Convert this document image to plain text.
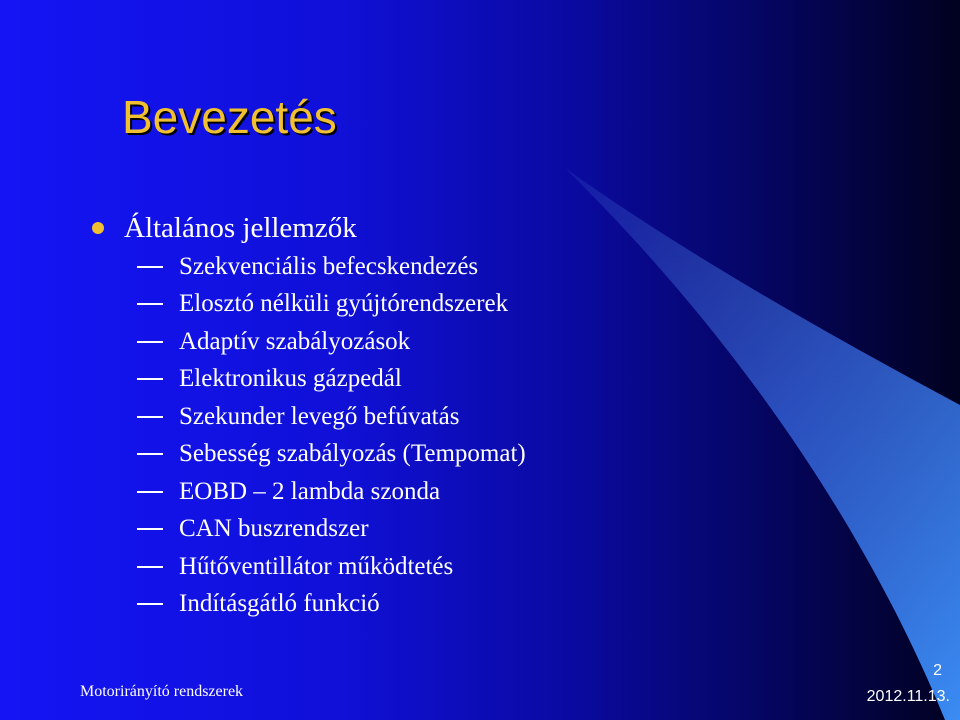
Bevezetés
Általános jellemzők
Szekvenciális befecskendezés
Elosztó nélküli gyújtórendszerek
Adaptív szabályozások
Elektronikus gázpedál
Szekunder levegő befúvatás
Sebesség szabályozás (Tempomat)
EOBD – 2 lambda szonda
CAN buszrendszer
Hűtőventillátor működtetés
Indításgátló funkció
Motorirányító rendszerek
2
2012.11.13.
